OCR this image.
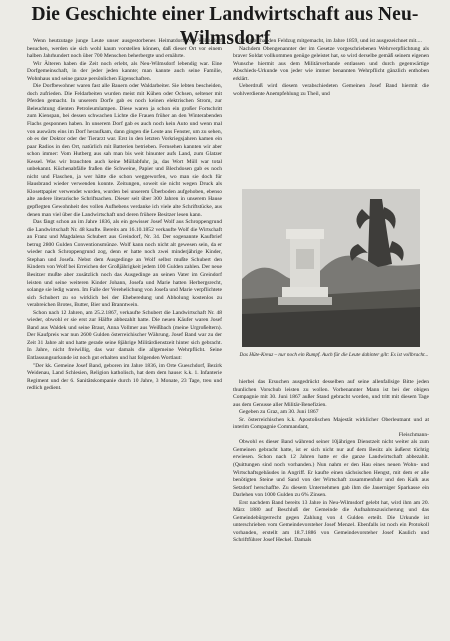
Die Geschichte einer Landwirtschaft aus Neu-Wilmsdorf

Wenn heutzutage junge Leute unser ausgestorbenes Heimatdorf Neu-Wilmsdorf besuchen, werden sie sich wohl kaum vorstellen können, daß dieser Ort vor einem halben Jahrhundert noch über 700 Menschen beherbergte und ernährte.

Wir Älteren haben die Zeit noch erlebt, als Neu-Wilmsdorf lebendig war. Eine Dorfgemeinschaft, in der jeder jeden kannte; man kannte auch seine Familie, Wohnhaus und seine ganze persönlichen Eigenschaften.

Die Dorfbewohner waren fast alle Bauern oder Waldarbeiter. Sie lebten bescheiden, doch zufrieden. Die Feldarbeiten wurden meist mit Kühen oder Ochsen, seltener mit Pferden gemacht. In unserem Dorfe gab es noch keinen elektrischen Strom, zur Beleuchtung dienten Petroleumlampen. Diese waren ja schon ein großer Fortschritt zum Kienspan, bei dessen schwachen Lichte die Frauen früher an den Winterabenden Flachs gesponnen haben. In unserem Dorf gab es auch noch kein Auto und wenn mal von auswärts eins im Dorf heraufkam, dann gingen die Leute ans Fenster, um zu sehen, ob es der Doktor oder der Tierarzt war. Erst in den letzten Vorkriegsjahren kamen ein paar Radios in den Ort, natürlich mit Batterien betrieben. Fernsehen kannten wir aber schon immer: Vom Hutberg aus sah man bis weit hinunter aufs Land, zum Glatzer Kessel. Was wir brauchten auch keine Müllabfuhr, ja, das Wort Müll war total unbekannt. Küchenabfälle fraßen die Schweine, Papier und Blechdosen gab es noch nicht und Flaschen, ja wer hätte die schon weggeworfen, wo man sie doch für Hausbrand wieder verwenden konnte. Zeitungen, soweit sie nicht wegen Druck als Klosettpapier verwendet wurden, wurden bei unserem Überboden aufgehoben, ebenso alte andere literarische Schriftsachen. Dieser seit über 300 Jahren in unserem Hause gepflegten Gewohnheit des vollen Aufhebens verdanke ich viele alte Schriftstücke, aus denen man viel über die Landwirtschaft und deren frühere Besitzer lesen kann.

Das fängt schon an im Jahre 1836, als ein gewisser Josef Wolf aus Schroppengrund die Landwirtschaft Nr. 48 kaufte. Bereits am 16.10.1852 verkaufte Wolf die Wirtschaft an Franz und Magdalena Schubert aus Greindorf, Nr. 34. Der sogenannte Kaufbrief betrug 2800 Gulden Conventionsmünze. Wolf kann noch nicht alt gewesen sein, da er wieder nach Schroppengrund zog, denn er hatte noch zwei minderjährige Kinder, Stephan und Josefa. Nebst dem Ausgedinge an Wolf selbst mußte Schubert den Kindern von Wolf bei Erreichen der Großjährigkeit jedem 100 Gulden zahlen. Der neue Besitzer mußte aber zusätzlich noch das Ausgedinge an seinen Vater im Greindorf leisten und seine weiteren Kinder Johann, Josefa und Marie hatten Herbergsrecht, solange sie ledig waren. Im Falle der Verehelichung von Josefa und Marie verpflichtete sich Schubert zu so wirklich bei der Eheberedung und Abholung kostenlos zu verabreichen Brotes, Butter, Bier und Branntwein.

Schon nach 12 Jahren, am 25.2.1867, verkaufte Schubert die Landwirtschaft Nr. 48 wieder, obwohl er sie erst zur Hälfte abbezahlt hatte. Die neuen Käufer waren Josef Band aus Waldek und seine Braut, Anna Vollmer aus Weißbach (meine Urgroßeltern). Der Kaufpreis war nun 2600 Gulden österreichischer Währung. Josef Band war zu der Zeit 31 Jahre alt und hatte gerade seine 8jährige Militärdienstzeit hinter sich gebracht. In Jahre, nicht freiwillig, das war damals die allgemeine Wehrpflicht. Seine Entlassungsurkunde ist noch gut erhalten und hat folgenden Wortlaut:

"Der kk. Gemeine Josef Band, geboren im Jahre 1836, im Orte Gueschdorf, Bezirk Weidenau, Land Schlesien, Religion katholisch, hat dem dem hause: k.k. 1. Infanterie Regiment und der 6. Sanitätskompanie durch 10 Jahre, 3 Monate, 23 Tage, treu und redlich gedient.

Derselbe hat den Feldzug mitgemacht, im Jahre 1859, und ist ausgezeichnet mit....

Nachdem Obengenannter der im Gesetze vorgeschriebenen Wehrverpflichtung als braver Soldat vollkommen genüge geleistet hat, so wird derselbe gemäß seinem eigenen Wunsche hiermit aus dem Militärverbande entlassen und durch gegenwärtige Abschieds-Urkunde von jeder wie immer benannten Wehrpflicht gänzlich enthoben erklärt.

Ueberdruß wird diesem verabschiedeten Gemeinen Josef Band hiermit die wohlverdiente Anempfehlung zu Theil, und

Das Hüte-Kreuz – nur noch ein Rumpf. Auch für die Leute dahinter gilt: Es ist vollbracht...

hierbei das Ersuchen ausgedrückt desselben auf seine allenfallsige Bitte jeden thunlichen Vorschub leisten zu wollen. Vorbenannter Mann ist bei der obigen Compagnie mit 30. Juni 1867 außer Stand gebracht worden, und tritt mit diesem Tage aus dem Genusse aller Militär-Benefizien.

Gegeben zu Graz, am 30. Juni 1867

Sr. österreichischen k.k. Apostolischen Majestät wirklicher Oberleutnant und at interim Compagnie Commandant,

Fleischmann-

Obwohl es dieser Band während seiner 10jährigen Dienstzeit nicht weiter als zum Gemeinen gebracht hatte, ist er sich nicht nur auf dem Besitz als äußerst tüchtig erwiesen. Schon nach 12 Jahren hatte er die ganze Landwirtschaft abbezahlt. (Quittungen sind noch vorhanden.) Nun nahm er den Hau eines neuen Wohn- und Wirtschaftsgebäudes in Angriff. Er kaufte einen sächsischen Hengst, mit dem er alle benötigten Steine und Sand von der Wirtschaft zusammenfuhr und den Kalk aus Setzdorf herschaffte. Zu diesem Unternehmen gab ihm die Jauerniger Sparkasse ein Darlehen von 1000 Gulden zu 6% Zinsen.

Erst nachdem Band bereits 13 Jahre in Neu-Wilmsdorf gelebt hat, wird ihm am 20. März 1880 auf Beschluß der Gemeinde die Aufnahmszusicherung und das Gemeindebürgerrecht gegen Zahlung von 4 Gulden erteilt. Die Urkunde ist unterschrieben vom Gemeindevorsteher Josef Menzel. Ebenfalls ist noch ein Protokoll vorhanden, erstellt am 18.7.1886 von Gemeindevorsteher Josef Kaulich und Schriftführer Josef Heckel. Damals
